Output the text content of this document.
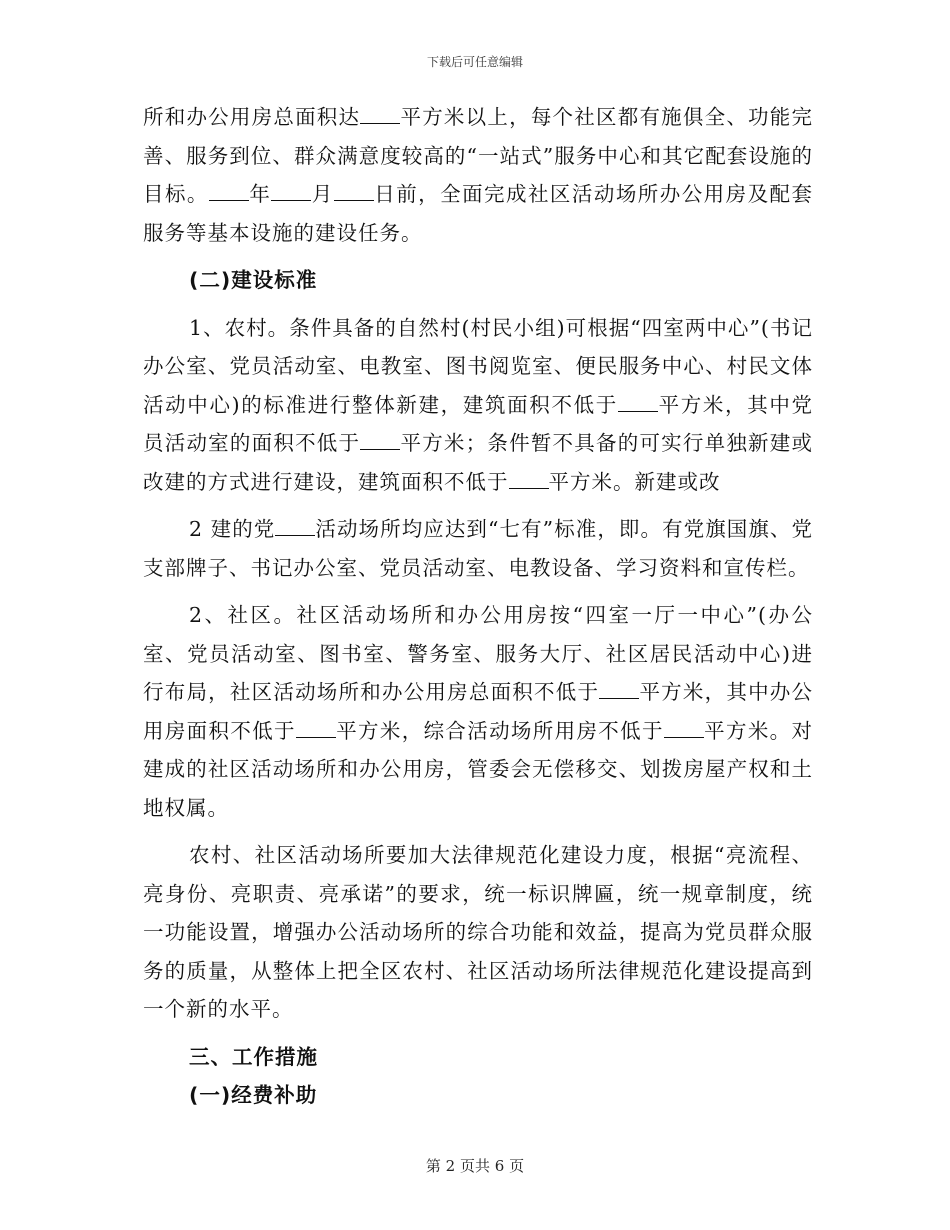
下载后可任意编辑

所和办公用房总面积达 平方米以上，每个社区都有施俱全、功能完善、服务到位、群众满意度较高的“一站式”服务中心和其它配套设施的目标。 年 月 日前，全面完成社区活动场所办公用房及配套服务等基本设施的建设任务。

(二)建设标准

1、农村。条件具备的自然村(村民小组)可根据“四室两中心”(书记办公室、党员活动室、电教室、图书阅览室、便民服务中心、村民文体活动中心)的标准进行整体新建，建筑面积不低于 平方米，其中党员活动室的面积不低于 平方米；条件暂不具备的可实行单独新建或改建的方式进行建设，建筑面积不低于 平方米。新建或改

2 建的党 活动场所均应达到“七有”标准，即。有党旗国旗、党支部牌子、书记办公室、党员活动室、电教设备、学习资料和宣传栏。

2、社区。社区活动场所和办公用房按“四室一厅一中心”(办公室、党员活动室、图书室、警务室、服务大厅、社区居民活动中心)进行布局，社区活动场所和办公用房总面积不低于 平方米，其中办公用房面积不低于 平方米，综合活动场所用房不低于 平方米。对建成的社区活动场所和办公用房，管委会无偿移交、划拨房屋产权和土地权属。

农村、社区活动场所要加大法律规范化建设力度，根据“亮流程、亮身份、亮职责、亮承诺”的要求，统一标识牌匾，统一规章制度，统一功能设置，增强办公活动场所的综合功能和效益，提高为党员群众服务的质量，从整体上把全区农村、社区活动场所法律规范化建设提高到一个新的水平。

三、工作措施

(一)经费补助

第 2 页共 6 页
